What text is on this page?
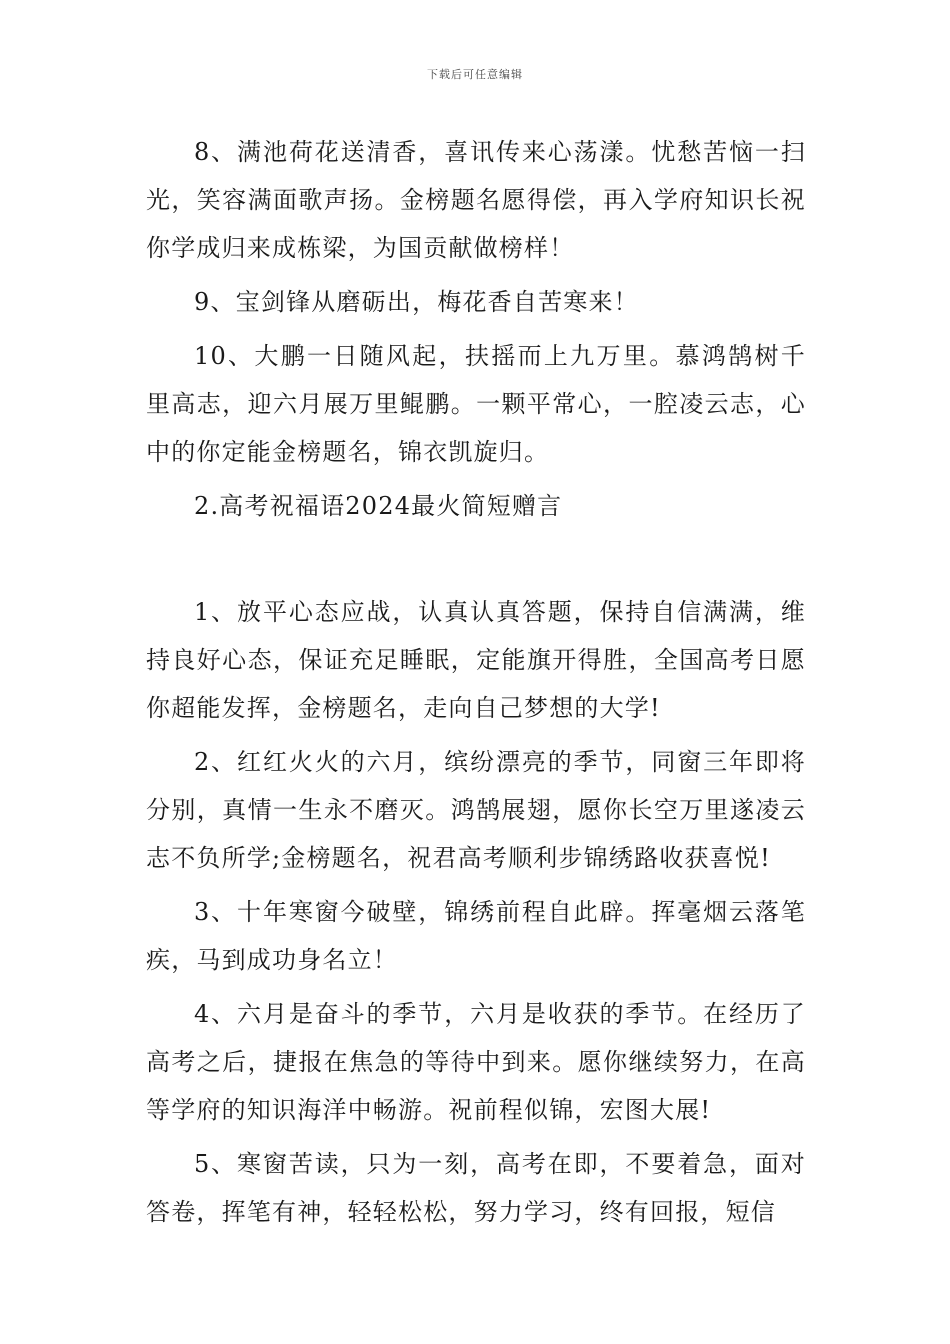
下载后可任意编辑

8、满池荷花送清香，喜讯传来心荡漾。忧愁苦恼一扫光，笑容满面歌声扬。金榜题名愿得偿，再入学府知识长祝你学成归来成栋梁，为国贡献做榜样！

9、宝剑锋从磨砺出，梅花香自苦寒来！

10、大鹏一日随风起，扶摇而上九万里。慕鸿鹄树千里高志，迎六月展万里鲲鹏。一颗平常心，一腔凌云志，心中的你定能金榜题名，锦衣凯旋归。

2.高考祝福语2024最火简短赠言

1、放平心态应战，认真认真答题，保持自信满满，维持良好心态，保证充足睡眠，定能旗开得胜，全国高考日愿你超能发挥，金榜题名，走向自己梦想的大学!

2、红红火火的六月，缤纷漂亮的季节，同窗三年即将分别，真情一生永不磨灭。鸿鹄展翅，愿你长空万里遂凌云志不负所学;金榜题名，祝君高考顺利步锦绣路收获喜悦!

3、十年寒窗今破壁，锦绣前程自此辟。挥毫烟云落笔疾，马到成功身名立！

4、六月是奋斗的季节，六月是收获的季节。在经历了高考之后，捷报在焦急的等待中到来。愿你继续努力，在高等学府的知识海洋中畅游。祝前程似锦，宏图大展!

5、寒窗苦读，只为一刻，高考在即，不要着急，面对答卷，挥笔有神，轻轻松松，努力学习，终有回报，短信
